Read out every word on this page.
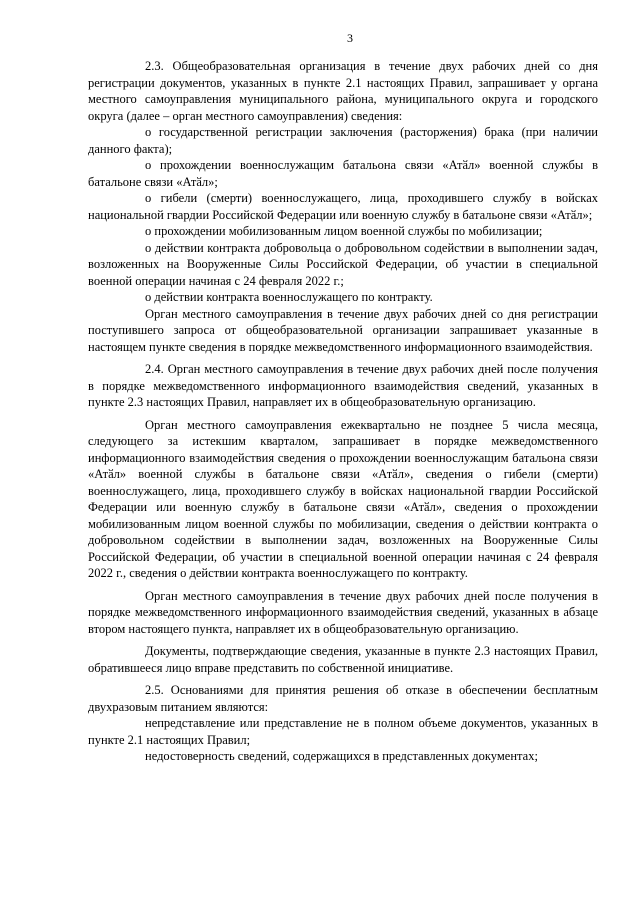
3

2.3. Общеобразовательная организация в течение двух рабочих дней со дня регистрации документов, указанных в пункте 2.1 настоящих Правил, запрашивает у органа местного самоуправления муниципального района, муниципального округа и городского округа (далее – орган местного самоуправления) сведения:

о государственной регистрации заключения (расторжения) брака (при наличии данного факта);

о прохождении военнослужащим батальона связи «Атӑл» военной службы в батальоне связи «Атӑл»;

о гибели (смерти) военнослужащего, лица, проходившего службу в войсках национальной гвардии Российской Федерации или военную службу в батальоне связи «Атӑл»;

о прохождении мобилизованным лицом военной службы по мобилизации;

о действии контракта добровольца о добровольном содействии в выполнении задач, возложенных на Вооруженные Силы Российской Федерации, об участии в специальной военной операции начиная с 24 февраля 2022 г.;

о действии контракта военнослужащего по контракту.

Орган местного самоуправления в течение двух рабочих дней со дня регистрации поступившего запроса от общеобразовательной организации запрашивает указанные в настоящем пункте сведения в порядке межведомственного информационного взаимодействия.

2.4. Орган местного самоуправления в течение двух рабочих дней после получения в порядке межведомственного информационного взаимодействия сведений, указанных в пункте 2.3 настоящих Правил, направляет их в общеобразовательную организацию.

Орган местного самоуправления ежеквартально не позднее 5 числа месяца, следующего за истекшим кварталом, запрашивает в порядке межведомственного информационного взаимодействия сведения о прохождении военнослужащим батальона связи «Атӑл» военной службы в батальоне связи «Атӑл», сведения о гибели (смерти) военнослужащего, лица, проходившего службу в войсках национальной гвардии Российской Федерации или военную службу в батальоне связи «Атӑл», сведения о прохождении мобилизованным лицом военной службы по мобилизации, сведения о действии контракта о добровольном содействии в выполнении задач, возложенных на Вооруженные Силы Российской Федерации, об участии в специальной военной операции начиная с 24 февраля 2022 г., сведения о действии контракта военнослужащего по контракту.

Орган местного самоуправления в течение двух рабочих дней после получения в порядке межведомственного информационного взаимодействия сведений, указанных в абзаце втором настоящего пункта, направляет их в общеобразовательную организацию.

Документы, подтверждающие сведения, указанные в пункте 2.3 настоящих Правил, обратившееся лицо вправе представить по собственной инициативе.

2.5. Основаниями для принятия решения об отказе в обеспечении бесплатным двухразовым питанием являются:

непредставление или представление не в полном объеме документов, указанных в пункте 2.1 настоящих Правил;

недостоверность сведений, содержащихся в представленных документах;
